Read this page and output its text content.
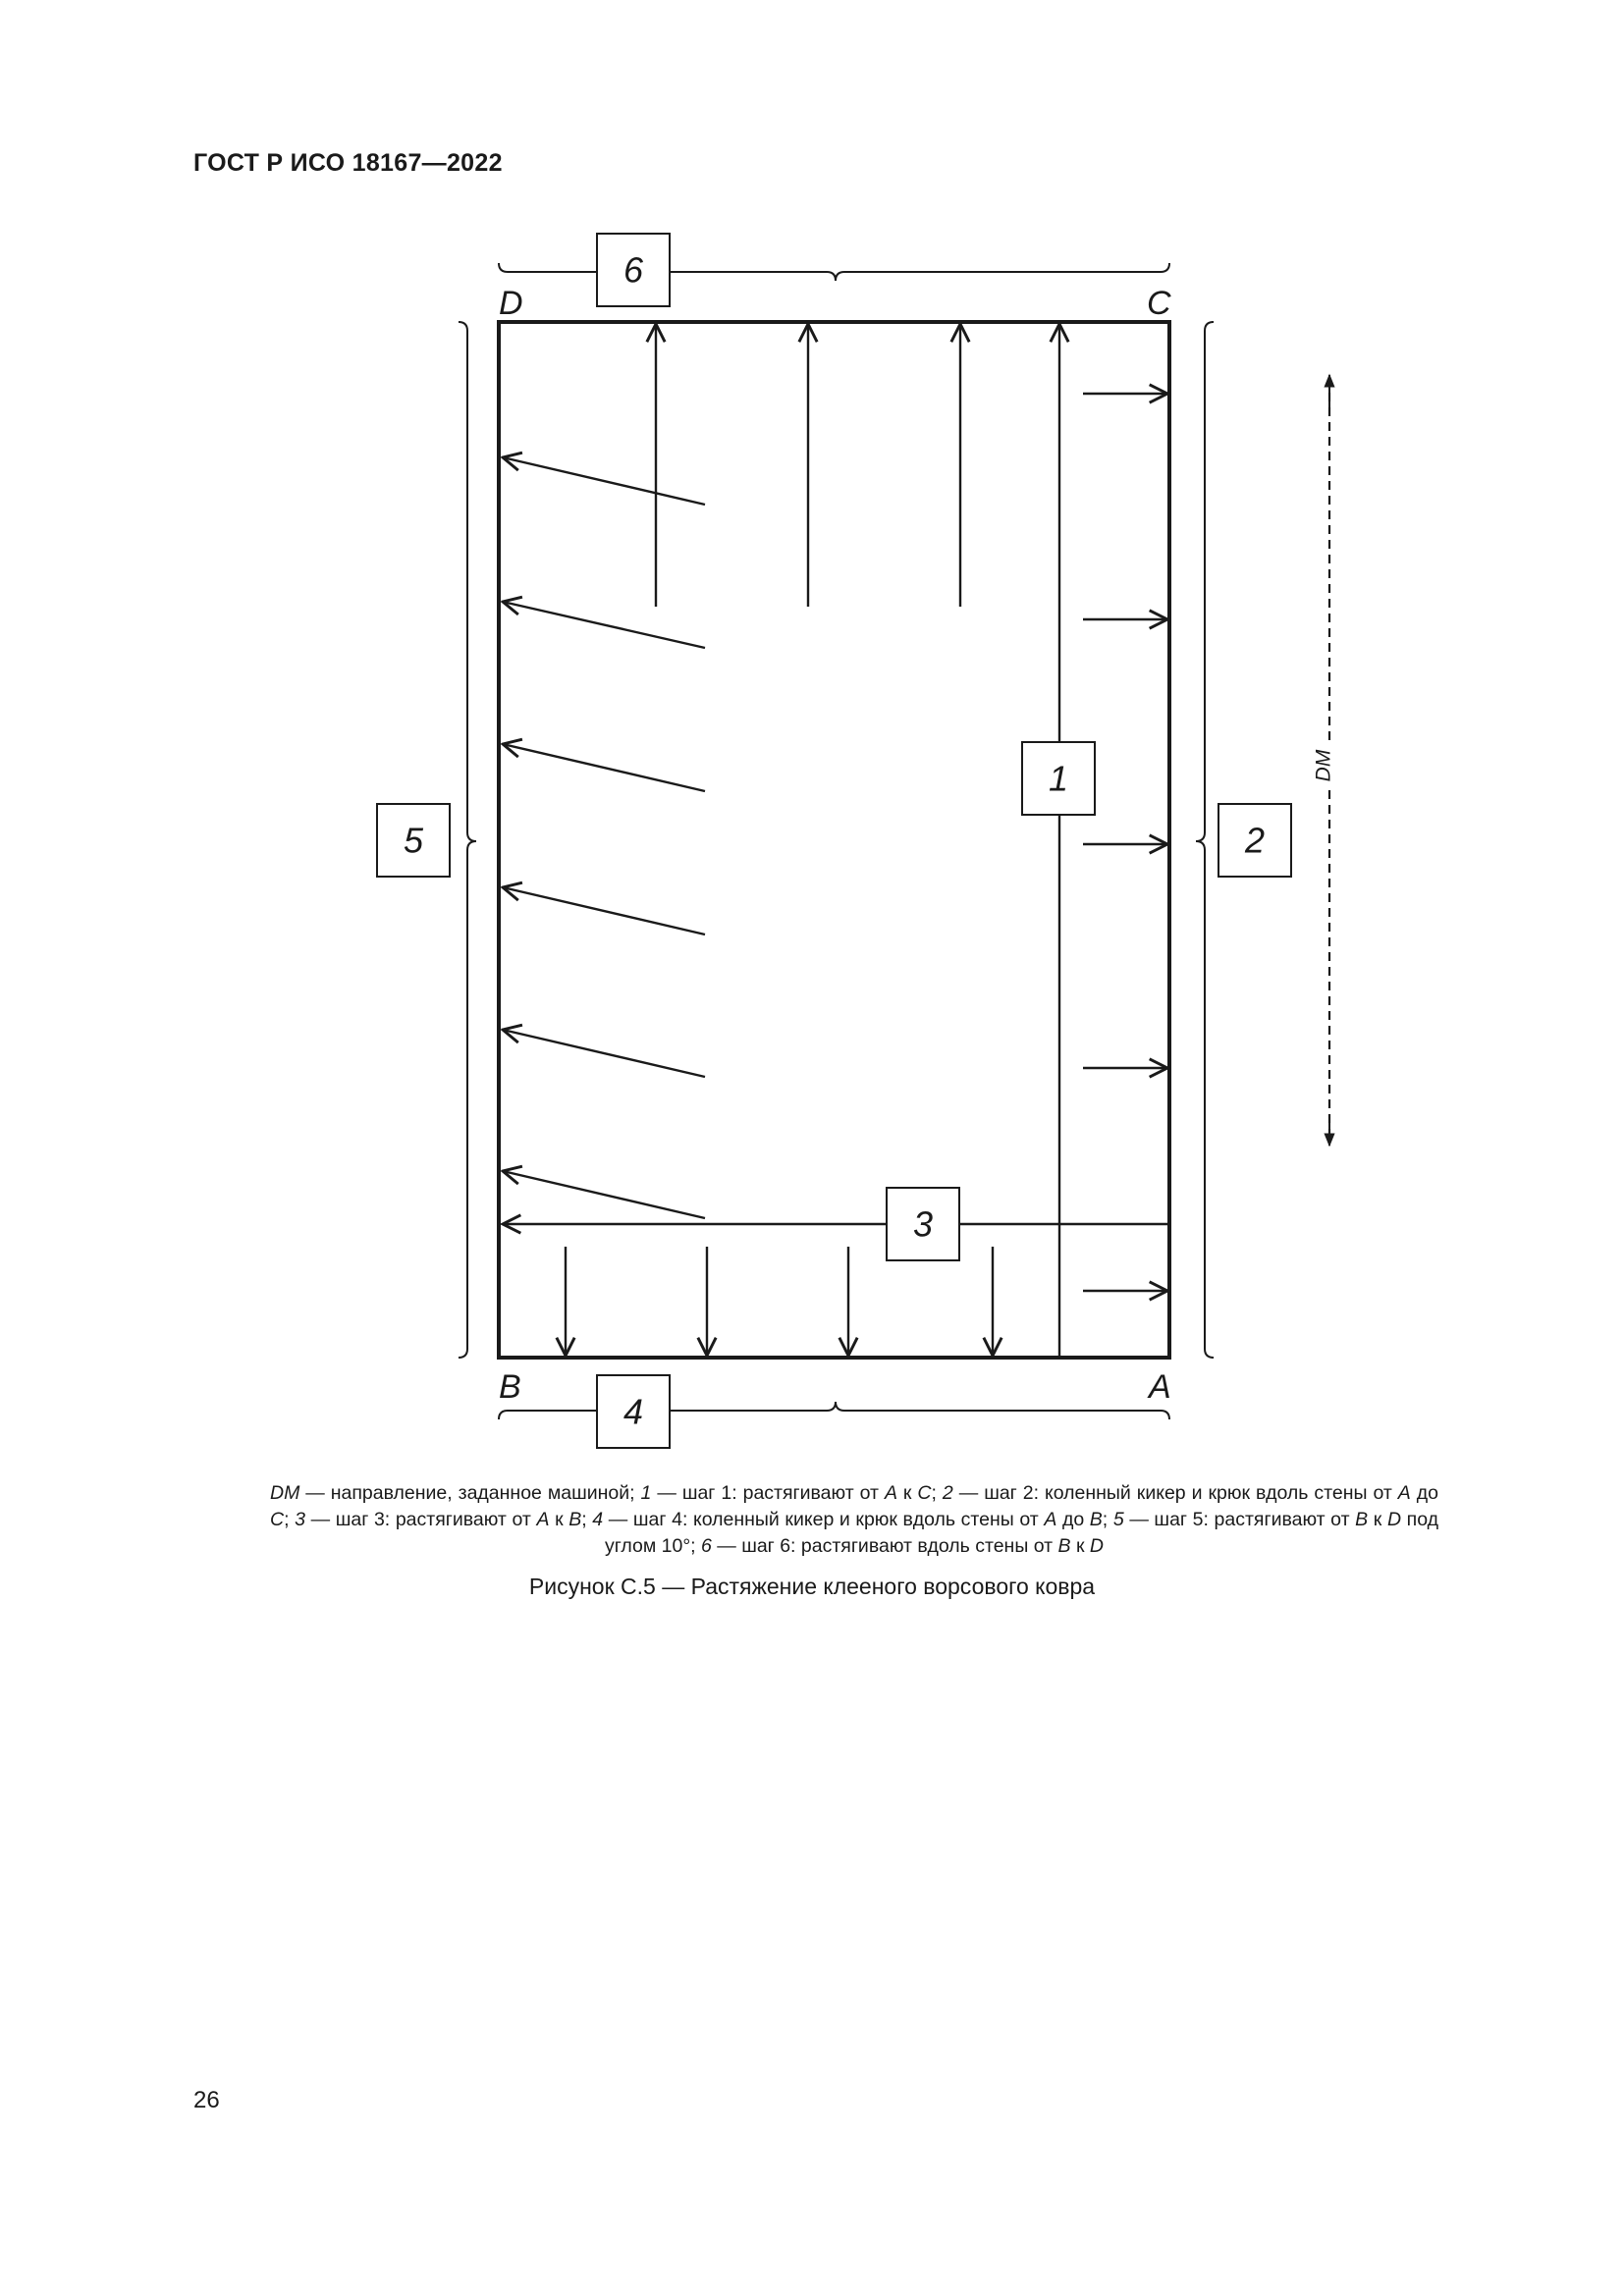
ГОСТ Р ИСО 18167—2022
DM
1
2
3
4
5
6
D	C
B	A
DM — направление, заданное машиной; 1 — шаг 1: растягивают от A к C; 2 — шаг 2: коленный кикер и крюк вдоль стены от A до C; 3 — шаг 3: растягивают от A к B; 4 — шаг 4: коленный кикер и крюк вдоль стены от A до B; 5 — шаг 5: растягивают от B к D под углом 10°; 6 — шаг 6: растягивают вдоль стены от B к D
Рисунок С.5 — Растяжение клееного ворсового ковра
26
